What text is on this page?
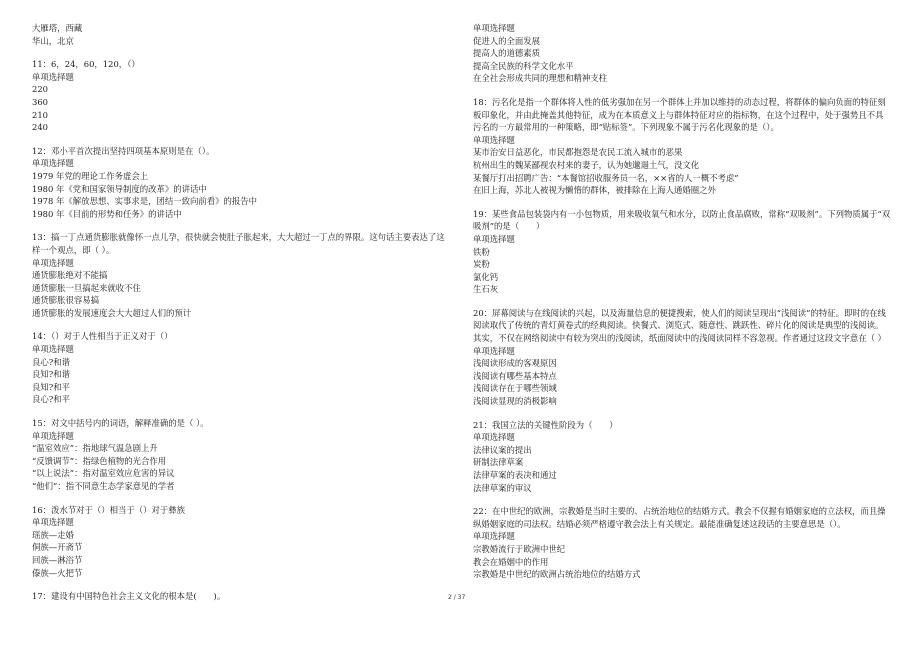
大雁塔，西藏
华山，北京
11：6，24，60，120，（）
单项选择题
220
360
210
240
12：邓小平首次提出坚持四项基本原则是在（）。
单项选择题
1979 年党的理论工作务虚会上
1980 年《党和国家领导制度的改革》的讲话中
1978 年《解放思想、实事求是，团结一致向前看》的报告中
1980 年《目前的形势和任务》的讲话中
13：搞一丁点通货膨胀就像怀一点儿孕，很快就会使肚子胀起来，大大超过一丁点的界限。这句话主要表达了这样一个观点，即（ ）。
单项选择题
通货膨胀绝对不能搞
通货膨胀一旦搞起来就收不住
通货膨胀很容易搞
通货膨胀的发展速度会大大超过人们的预计
14：（）对于人性相当于正义对于（）
单项选择题
良心?和谐
良知?和谐
良知?和平
良心?和平
15：对文中括号内的词语，解释准确的是（ ）。
单项选择题
“温室效应”：指地球气温急剧上升
“反馈调节”：指绿色植物的光合作用
“以上说法”：指对温室效应危害的异议
“他们”：指不同意生态学家意见的学者
16：泼水节对于（）相当于（）对于彝族
单项选择题
瑶族—走婚
侗族—开斋节
回族—淋浴节
傣族—火把节
17：建设有中国特色社会主义文化的根本是(　　)。
单项选择题
促进人的全面发展
提高人的道德素质
提高全民族的科学文化水平
在全社会形成共同的理想和精神支柱
18：污名化是指一个群体将人性的低劣强加在另一个群体上并加以维持的动态过程，将群体的偏向负面的特征刻板印象化，并由此掩盖其他特征，成为在本质意义上与群体特征对应的指标物，在这个过程中，处于强势且不具污名的一方最常用的一种策略，即“贴标签”。下列现象不属于污名化现象的是（）。
单项选择题
某市治安日益恶化，市民都抱怨是农民工流入城市的恶果
杭州出生的魏某鄙视农村来的妻子，认为她邋遢土气，没文化
某餐厅打出招聘广告：“本餐馆招收服务员一名，××省的人一概不考虑”
在旧上海，苏北人被视为懒惰的群体，被排除在上海人通婚圈之外
19：某些食品包装袋内有一小包物质，用来吸收氧气和水分，以防止食品腐败，常称“双吸剂”。下列物质属于“双吸剂”的是（　　）
单项选择题
铁粉
炭粉
氯化钙
生石灰
20：屏幕阅读与在线阅读的兴起，以及海量信息的便捷搜索，使人们的阅读呈现出“浅阅读”的特征。即时的在线阅读取代了传统的青灯黄卷式的经典阅读。快餐式、浏览式、随意性、跳跃性、碎片化的阅读是典型的浅阅读。其实，不仅在网络阅读中有较为突出的浅阅读，纸面阅读中的浅阅读同样不容忽视。作者通过这段文字意在（ ）
单项选择题
浅阅读形成的客观原因
浅阅读有哪些基本特点
浅阅读存在于哪些领域
浅阅读显现的消极影响
21：我国立法的关键性阶段为（　　）
单项选择题
法律议案的提出
研制法律草案
法律草案的表决和通过
法律草案的审议
22：在中世纪的欧洲，宗教婚是当时主要的、占统治地位的结婚方式。教会不仅握有婚姻家庭的立法权，而且操纵婚姻家庭的司法权。结婚必须严格遵守教会法上有关规定。最能准确复述这段话的主要意思是（）。
单项选择题
宗教婚流行于欧洲中世纪
教会在婚姻中的作用
宗教婚是中世纪的欧洲占统治地位的结婚方式
2 / 37
